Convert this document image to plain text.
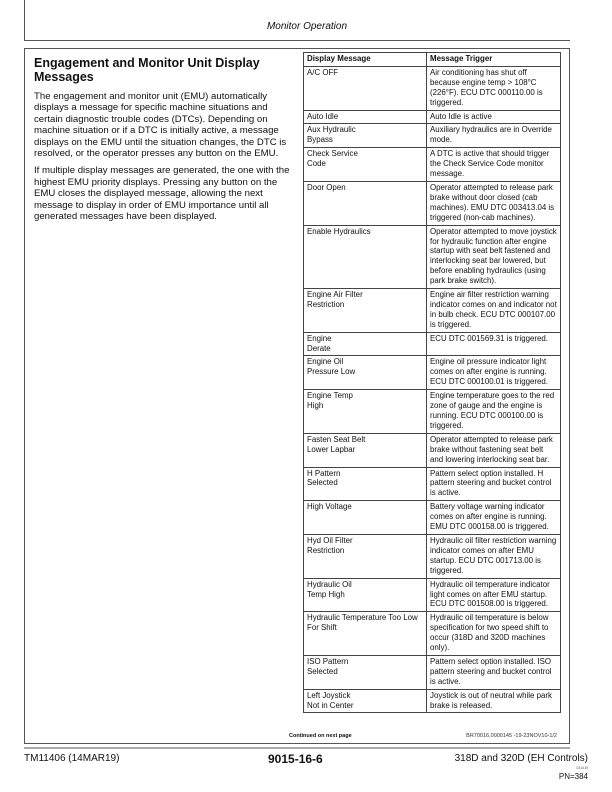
Monitor Operation
Engagement and Monitor Unit Display Messages

The engagement and monitor unit (EMU) automatically displays a message for specific machine situations and certain diagnostic trouble codes (DTCs). Depending on machine situation or if a DTC is initially active, a message displays on the EMU until the situation changes, the DTC is resolved, or the operator presses any button on the EMU.

If multiple display messages are generated, the one with the highest EMU priority displays. Pressing any button on the EMU closes the displayed message, allowing the next message to display in order of EMU importance until all generated messages have been displayed.

Display Message	Message Trigger
A/C OFF	Air conditioning has shut off because engine temp > 108°C (226°F). ECU DTC 000110.00 is triggered.
Auto Idle	Auto Idle is active
Aux Hydraulic
Bypass	Auxiliary hydraulics are in Override mode.
Check Service
Code	A DTC is active that should trigger the Check Service Code monitor message.
Door Open	Operator attempted to release park brake without door closed (cab machines). EMU DTC 003413.04 is triggered (non-cab machines).
Enable Hydraulics	Operator attempted to move joystick for hydraulic function after engine startup with seat belt fastened and interlocking seat bar lowered, but before enabling hydraulics (using park brake switch).
Engine Air Filter
Restriction	Engine air filter restriction warning indicator comes on and indicator not in bulb check. ECU DTC 000107.00 is triggered.
Engine
Derate	ECU DTC 001569.31 is triggered.
Engine Oil
Pressure Low	Engine oil pressure indicator light comes on after engine is running. ECU DTC 000100.01 is triggered.
Engine Temp
High	Engine temperature goes to the red zone of gauge and the engine is running. ECU DTC 000100.00 is triggered.
Fasten Seat Belt
Lower Lapbar	Operator attempted to release park brake without fastening seat belt and lowering interlocking seat bar.
H Pattern
Selected	Pattern select option installed. H pattern steering and bucket control is active.
High Voltage	Battery voltage warning indicator comes on after engine is running. EMU DTC 000158.00 is triggered.
Hyd Oil Filter
Restriction	Hydraulic oil filter restriction warning indicator comes on after EMU startup. ECU DTC 001713.00 is triggered.
Hydraulic Oil
Temp High	Hydraulic oil temperature indicator light comes on after EMU startup. ECU DTC 001508.00 is triggered.
Hydraulic Temperature Too Low For Shift	Hydraulic oil temperature is below specification for two speed shift to occur (318D and 320D machines only).
ISO Pattern
Selected	Pattern select option installed. ISO pattern steering and bucket control is active.
Left Joystick
Not in Center	Joystick is out of neutral while park brake is released.
Continued on next page	BR70016,0000145 -19-23NOV10-1/2
TM11406 (14MAR19)	9015-16-6	318D and 320D (EH Controls)
031419
PN=384
